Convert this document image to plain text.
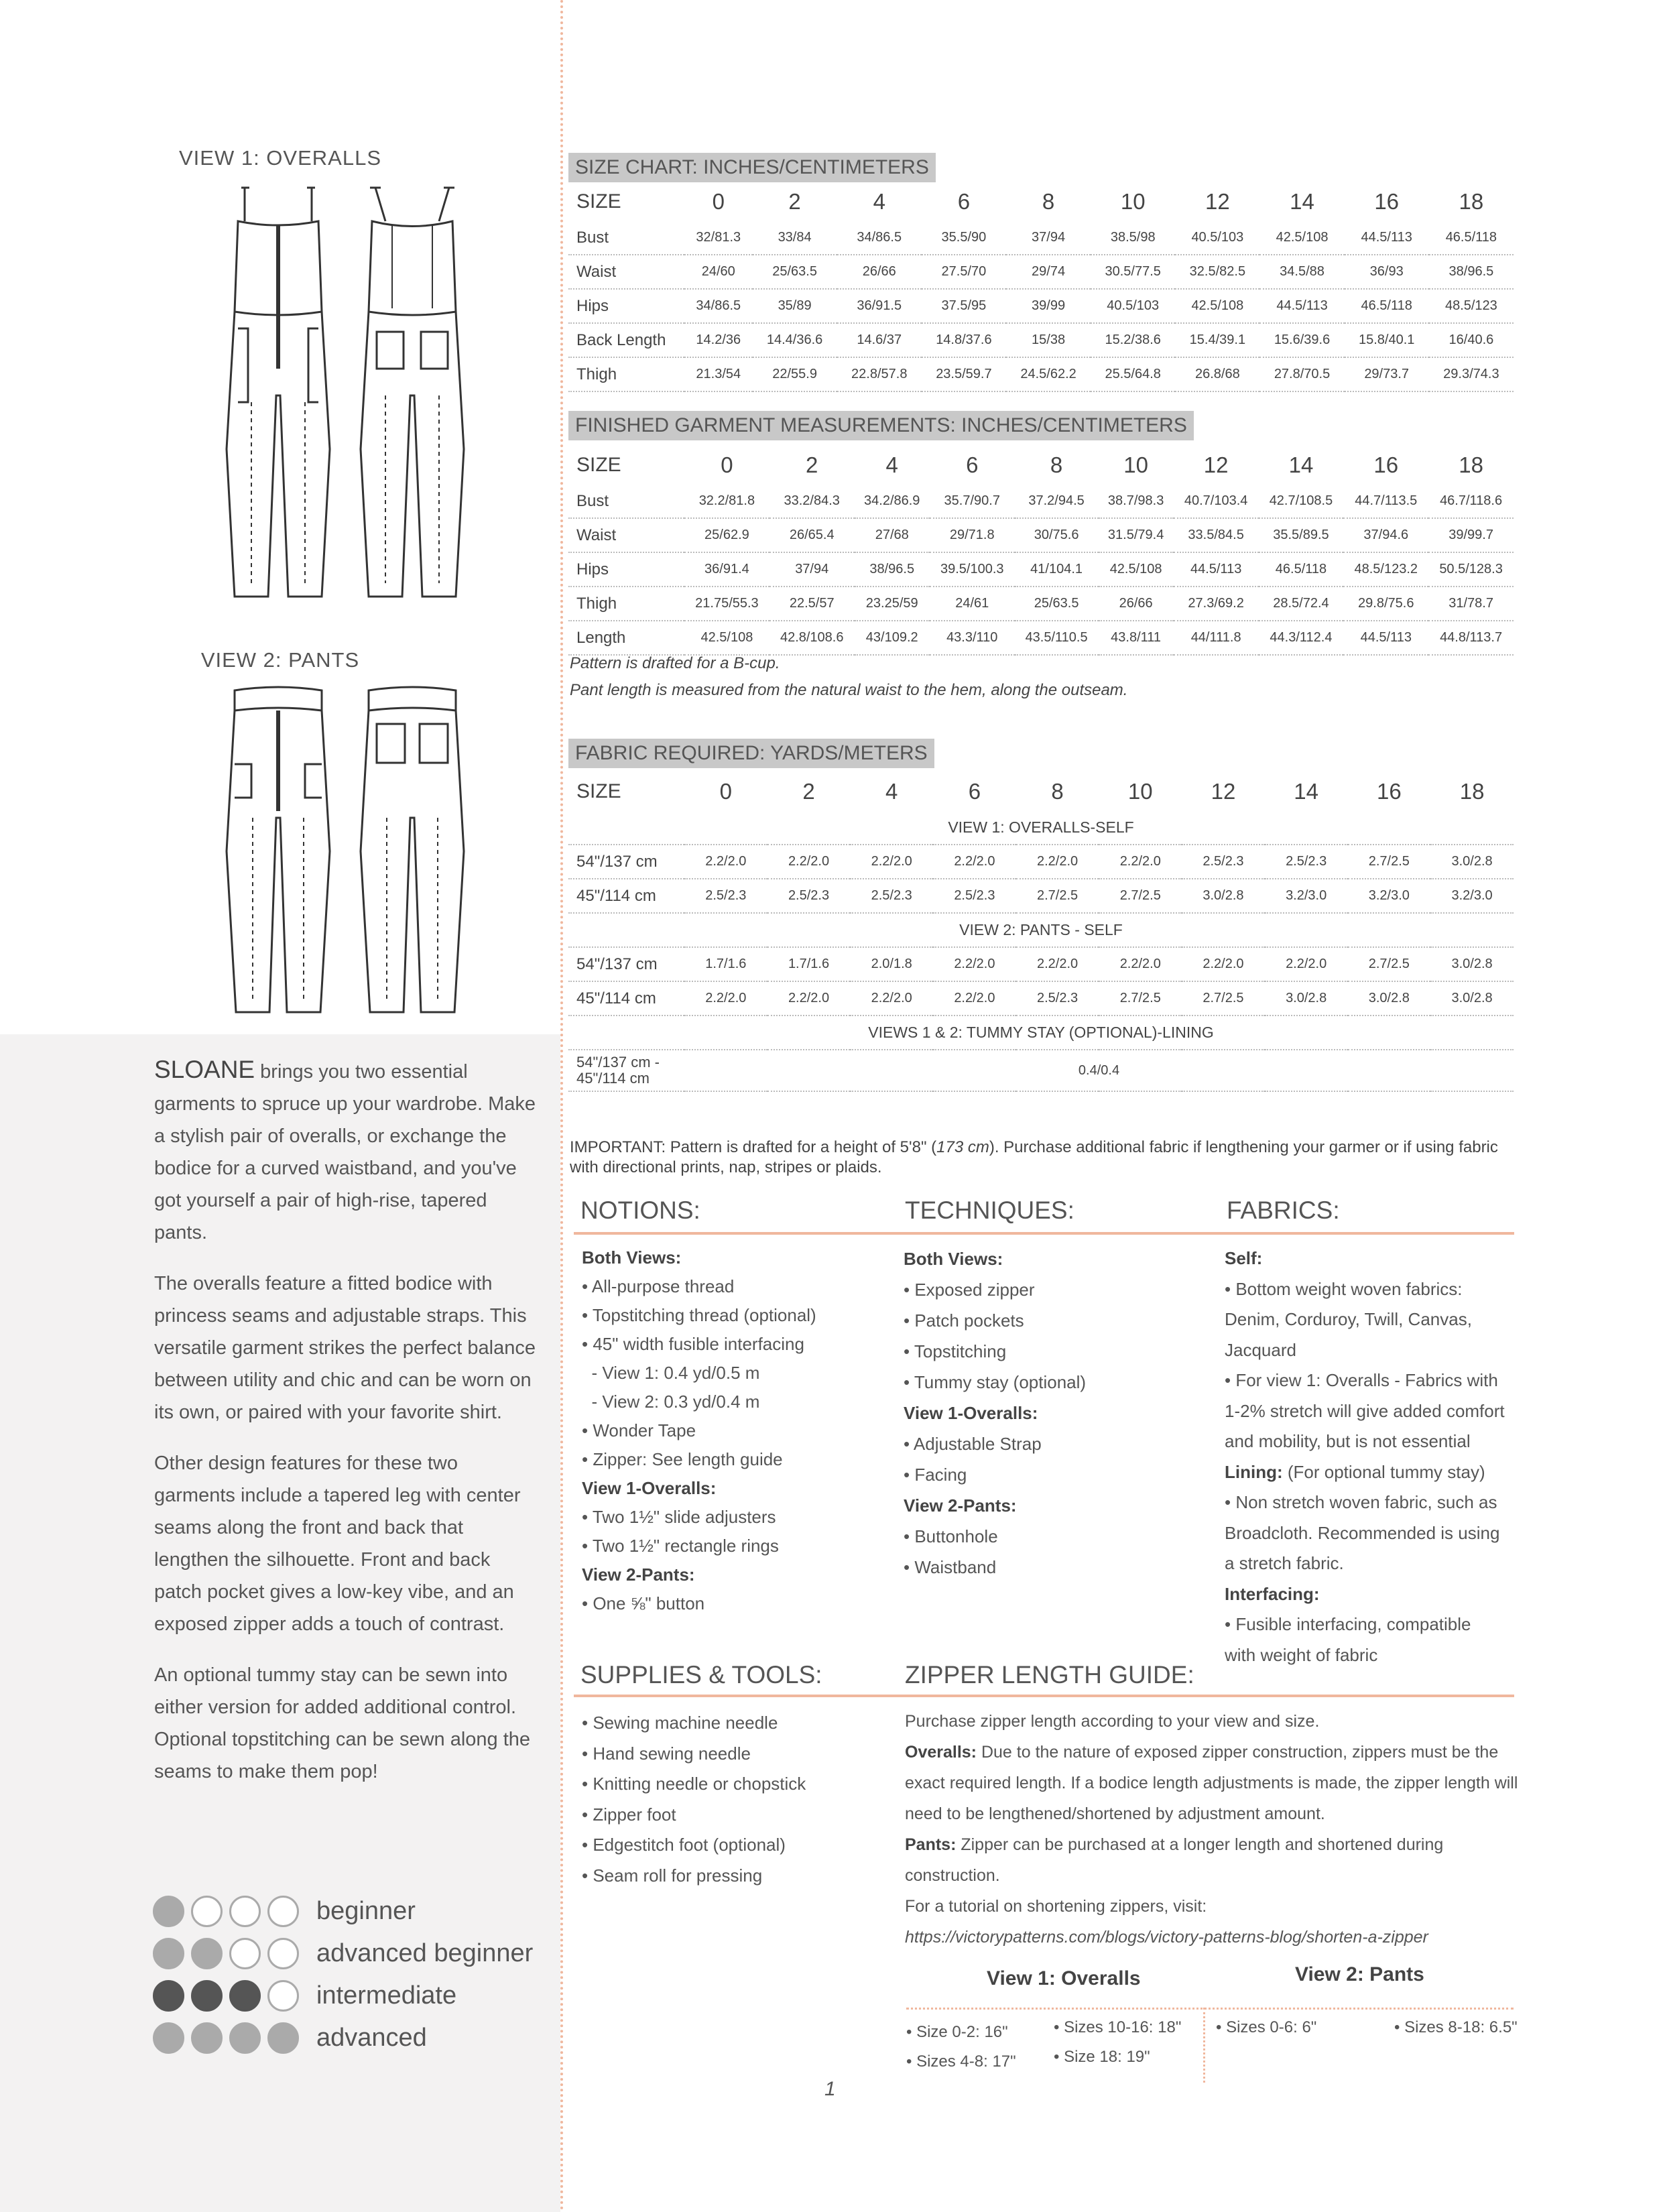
VIEW 1: OVERALLS
VIEW 2: PANTS

SLOANE brings you two essential garments to spruce up your wardrobe. Make a stylish pair of overalls, or exchange the bodice for a curved waistband, and you've got yourself a pair of high-rise, tapered pants.

The overalls feature a fitted bodice with princess seams and adjustable straps. This versatile garment strikes the perfect balance between utility and chic and can be worn on its own, or paired with your favorite shirt.

Other design features for these two garments include a tapered leg with center seams along the front and back that lengthen the silhouette. Front and back patch pocket gives a low-key vibe, and an exposed zipper adds a touch of contrast.

An optional tummy stay can be sewn into either version for added additional control. Optional topstitching can be sewn along the seams to make them pop!

beginner
advanced beginner
intermediate
advanced
SIZE CHART: INCHES/CENTIMETERS
SIZE	0	2	4	6	8	10	12	14	16	18
Bust	32/81.3	33/84	34/86.5	35.5/90	37/94	38.5/98	40.5/103	42.5/108	44.5/113	46.5/118
Waist	24/60	25/63.5	26/66	27.5/70	29/74	30.5/77.5	32.5/82.5	34.5/88	36/93	38/96.5
Hips	34/86.5	35/89	36/91.5	37.5/95	39/99	40.5/103	42.5/108	44.5/113	46.5/118	48.5/123
Back Length	14.2/36	14.4/36.6	14.6/37	14.8/37.6	15/38	15.2/38.6	15.4/39.1	15.6/39.6	15.8/40.1	16/40.6
Thigh	21.3/54	22/55.9	22.8/57.8	23.5/59.7	24.5/62.2	25.5/64.8	26.8/68	27.8/70.5	29/73.7	29.3/74.3
FINISHED GARMENT MEASUREMENTS: INCHES/CENTIMETERS
SIZE	0	2	4	6	8	10	12	14	16	18
Bust	32.2/81.8	33.2/84.3	34.2/86.9	35.7/90.7	37.2/94.5	38.7/98.3	40.7/103.4	42.7/108.5	44.7/113.5	46.7/118.6
Waist	25/62.9	26/65.4	27/68	29/71.8	30/75.6	31.5/79.4	33.5/84.5	35.5/89.5	37/94.6	39/99.7
Hips	36/91.4	37/94	38/96.5	39.5/100.3	41/104.1	42.5/108	44.5/113	46.5/118	48.5/123.2	50.5/128.3
Thigh	21.75/55.3	22.5/57	23.25/59	24/61	25/63.5	26/66	27.3/69.2	28.5/72.4	29.8/75.6	31/78.7
Length	42.5/108	42.8/108.6	43/109.2	43.3/110	43.5/110.5	43.8/111	44/111.8	44.3/112.4	44.5/113	44.8/113.7
Pattern is drafted for a B-cup.
Pant length is measured from the natural waist to the hem, along the outseam.
FABRIC REQUIRED: YARDS/METERS
SIZE	0	2	4	6	8	10	12	14	16	18
VIEW 1: OVERALLS-SELF										
54"/137 cm	2.2/2.0	2.2/2.0	2.2/2.0	2.2/2.0	2.2/2.0	2.2/2.0	2.5/2.3	2.5/2.3	2.7/2.5	3.0/2.8
45"/114 cm	2.5/2.3	2.5/2.3	2.5/2.3	2.5/2.3	2.7/2.5	2.7/2.5	3.0/2.8	3.2/3.0	3.2/3.0	3.2/3.0
VIEW 2: PANTS - SELF										
54"/137 cm	1.7/1.6	1.7/1.6	2.0/1.8	2.2/2.0	2.2/2.0	2.2/2.0	2.2/2.0	2.2/2.0	2.7/2.5	3.0/2.8
45"/114 cm	2.2/2.0	2.2/2.0	2.2/2.0	2.2/2.0	2.5/2.3	2.7/2.5	2.7/2.5	3.0/2.8	3.0/2.8	3.0/2.8
VIEWS 1 & 2: TUMMY STAY (OPTIONAL)-LINING										

54"/137 cm -
45"/114 cm	0.4/0.4									
IMPORTANT: Pattern is drafted for a height of 5'8" (173 cm). Purchase additional fabric if lengthening your garmer or if using fabric with directional prints, nap, stripes or plaids.
NOTIONS:	TECHNIQUES:	FABRICS:
Both Views:
• All-purpose thread
• Topstitching thread (optional)
• 45" width fusible interfacing
- View 1: 0.4 yd/0.5 m
- View 2: 0.3 yd/0.4 m
• Wonder Tape
• Zipper: See length guide
View 1-Overalls:
• Two 1½" slide adjusters
• Two 1½" rectangle rings
View 2-Pants:
• One ⅝" button
Both Views:
• Exposed zipper
• Patch pockets
• Topstitching
• Tummy stay (optional)
View 1-Overalls:
• Adjustable Strap
• Facing
View 2-Pants:
• Buttonhole
• Waistband
Self:
• Bottom weight woven fabrics:
Denim, Corduroy, Twill, Canvas,
Jacquard
• For view 1: Overalls - Fabrics with
1-2% stretch will give added comfort
and mobility, but is not essential
Lining: (For optional tummy stay)
• Non stretch woven fabric, such as
Broadcloth. Recommended is using
a stretch fabric.
Interfacing:
• Fusible interfacing, compatible
with weight of fabric
SUPPLIES & TOOLS:	ZIPPER LENGTH GUIDE:
• Sewing machine needle
• Hand sewing needle
• Knitting needle or chopstick
• Zipper foot
• Edgestitch foot (optional)
• Seam roll for pressing
Purchase zipper length according to your view and size.
Overalls: Due to the nature of exposed zipper construction, zippers must be the exact required length. If a bodice length adjustments is made, the zipper length will need to be lengthened/shortened by adjustment amount.
Pants: Zipper can be purchased at a longer length and shortened during construction.
For a tutorial on shortening zippers, visit:
https://victorypatterns.com/blogs/victory-patterns-blog/shorten-a-zipper
View 1: Overalls	View 2: Pants
• Size 0-2: 16"
• Sizes 4-8: 17"
• Sizes 10-16: 18"
• Size 18: 19"
• Sizes 0-6: 6"	• Sizes 8-18: 6.5"
1
